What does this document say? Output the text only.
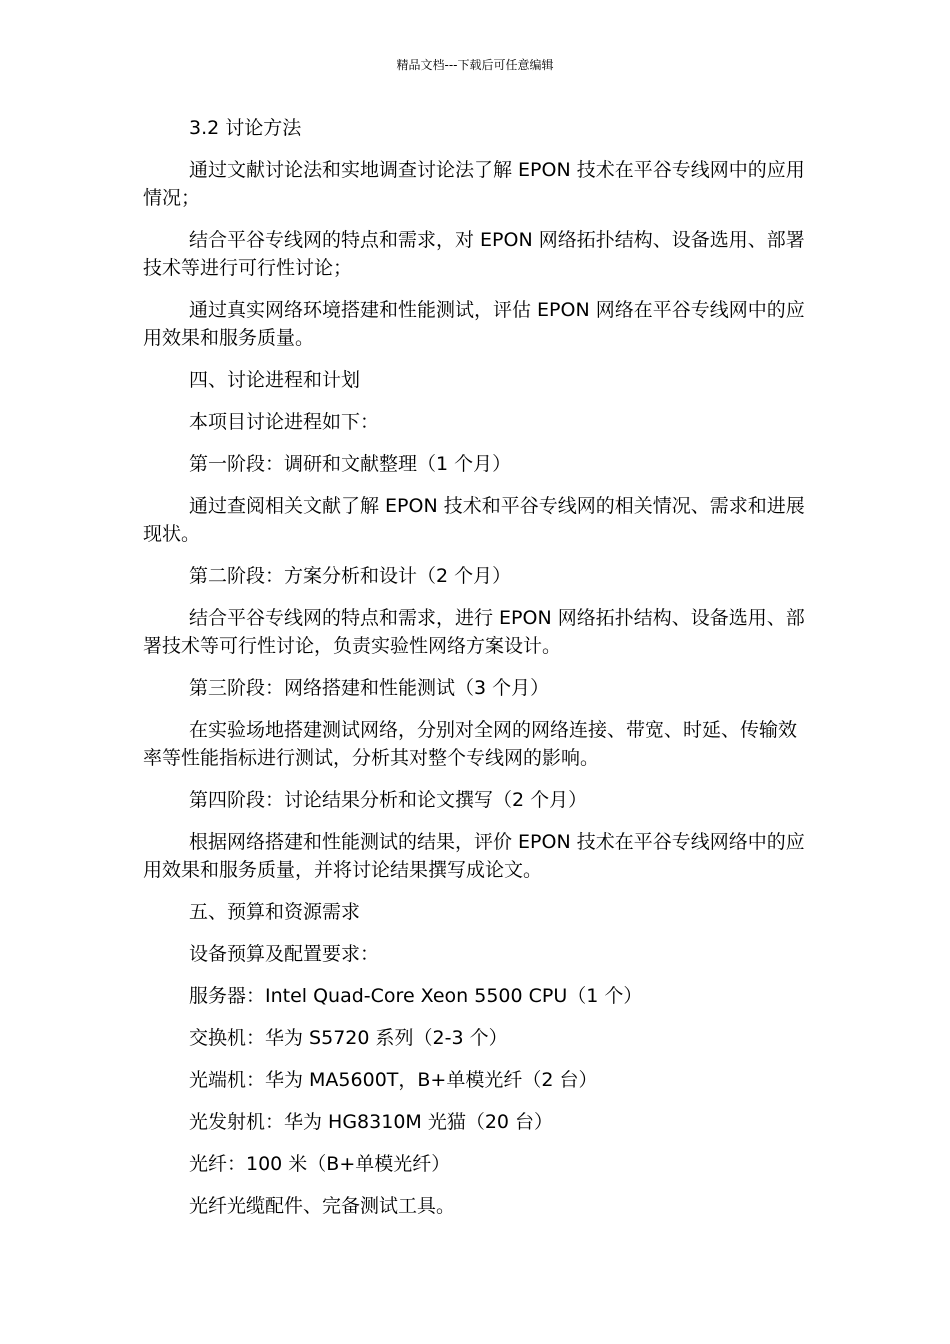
精品文档---下载后可任意编辑

3.2 讨论方法

通过文献讨论法和实地调查讨论法了解 EPON 技术在平谷专线网中的应用情况；

结合平谷专线网的特点和需求，对 EPON 网络拓扑结构、设备选用、部署技术等进行可行性讨论；

通过真实网络环境搭建和性能测试，评估 EPON 网络在平谷专线网中的应用效果和服务质量。

四、讨论进程和计划

本项目讨论进程如下：

第一阶段：调研和文献整理（1 个月）

通过查阅相关文献了解 EPON 技术和平谷专线网的相关情况、需求和进展现状。

第二阶段：方案分析和设计（2 个月）

结合平谷专线网的特点和需求，进行 EPON 网络拓扑结构、设备选用、部署技术等可行性讨论，负责实验性网络方案设计。

第三阶段：网络搭建和性能测试（3 个月）

在实验场地搭建测试网络，分别对全网的网络连接、带宽、时延、传输效率等性能指标进行测试，分析其对整个专线网的影响。

第四阶段：讨论结果分析和论文撰写（2 个月）

根据网络搭建和性能测试的结果，评价 EPON 技术在平谷专线网络中的应用效果和服务质量，并将讨论结果撰写成论文。

五、预算和资源需求

设备预算及配置要求：

服务器：Intel Quad-Core Xeon 5500 CPU（1 个）

交换机：华为 S5720 系列（2-3 个）

光端机：华为 MA5600T，B+单模光纤（2 台）

光发射机：华为 HG8310M 光猫（20 台）

光纤：100 米（B+单模光纤）

光纤光缆配件、完备测试工具。
